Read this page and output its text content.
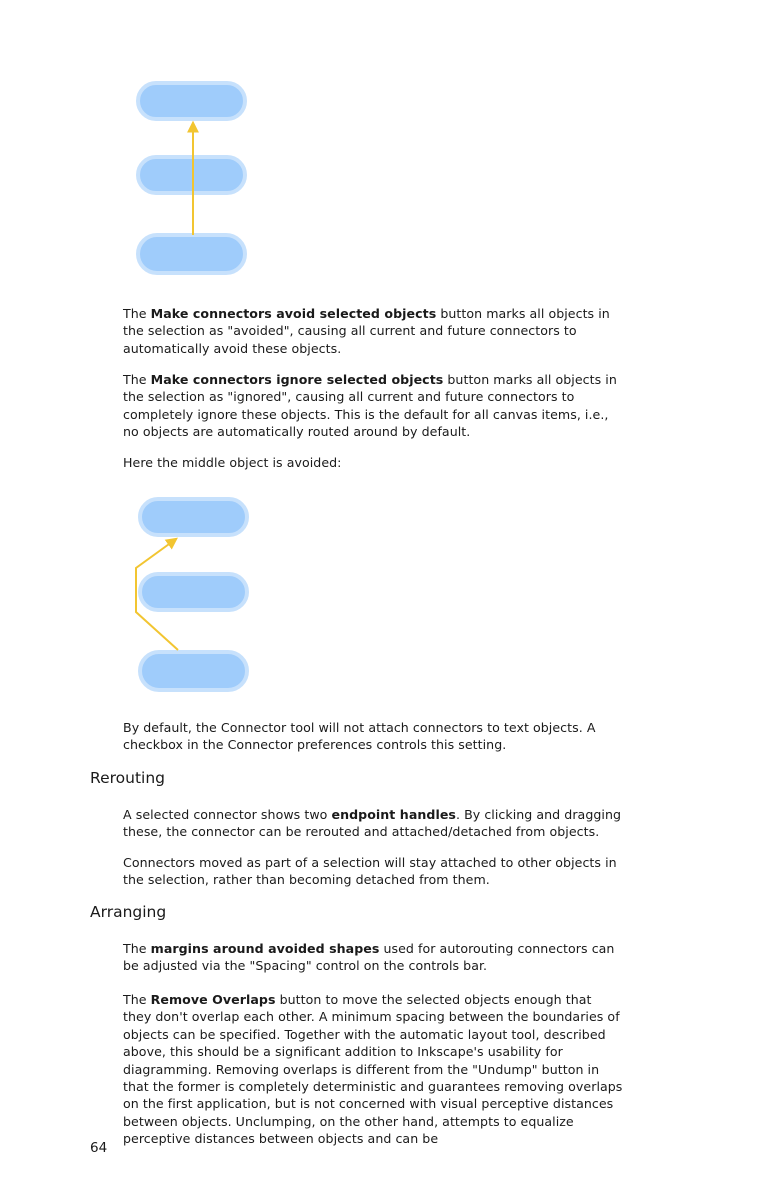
The Make connectors avoid selected objects button marks all objects in the selection as "avoided", causing all current and future connectors to automatically avoid these objects.

The Make connectors ignore selected objects button marks all objects in the selection as "ignored", causing all current and future connectors to completely ignore these objects. This is the default for all canvas items, i.e., no objects are automatically routed around by default.

Here the middle object is avoided:

By default, the Connector tool will not attach connectors to text objects. A checkbox in the Connector preferences controls this setting.

Rerouting

A selected connector shows two endpoint handles. By clicking and dragging these, the connector can be rerouted and attached/detached from objects.

Connectors moved as part of a selection will stay attached to other objects in the selection, rather than becoming detached from them.

Arranging

The margins around avoided shapes used for autorouting connectors can be adjusted via the "Spacing" control on the controls bar.

The Remove Overlaps button to move the selected objects enough that they don't overlap each other. A minimum spacing between the boundaries of objects can be specified. Together with the automatic layout tool, described above, this should be a significant addition to Inkscape's usability for diagramming. Removing overlaps is different from the "Undump" button in that the former is completely deterministic and guarantees removing overlaps on the first application, but is not concerned with visual perceptive distances between objects. Unclumping, on the other hand, attempts to equalize perceptive distances between objects and can be

64
